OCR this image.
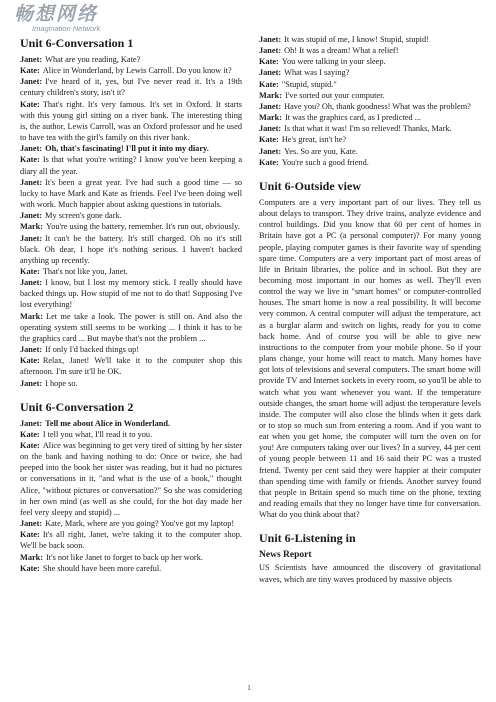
畅想网络
Imagination Network
Unit 6-Conversation 1
Janet: What are you reading, Kate?
Kate: Alice in Wonderland, by Lewis Carroll. Do you know it?
Janet: I've heard of it, yes, but I've never read it. It's a 19th century children's story, isn't it?
Kate: That's right. It's very famous. It's set in Oxford. It starts with this young girl sitting on a river bank. The interesting thing is, the author, Lewis Carroll, was an Oxford professor and he used to have tea with the girl's family on this river bank.
Janet: Oh, that's fascinating! I'll put it into my diary.
Kate: Is that what you're writing? I know you've been keeping a diary all the year.
Janet: It's been a great year. I've had such a good time — so lucky to have Mark and Kate as friends. Feel I've been doing well with work. Much happier about asking questions in tutorials.
Janet: My screen's gone dark.
Mark: You're using the battery, remember. It's run out, obviously.
Janet: It can't be the battery. It's still charged. Oh no it's still black. Oh dear, I hope it's nothing serious. I haven't backed anything up recently.
Kate: That's not like you, Janet.
Janet: I know, but I lost my memory stick. I really should have backed things up. How stupid of me not to do that! Supposing I've lost everything!
Mark: Let me take a look. The power is still on. And also the operating system still seems to be working ... I think it has to be the graphics card ... But maybe that's not the problem ...
Janet: If only I'd backed things up!
Kate: Relax, Janet! We'll take it to the computer shop this afternoon. I'm sure it'll be OK.
Janet: I hope so.
Unit 6-Conversation 2
Janet: Tell me about Alice in Wonderland.
Kate: I tell you what, I'll read it to you.
Kate: Alice was beginning to get very tired of sitting by her sister on the bank and having nothing to do: Once or twice, she had peeped into the book her sister was reading, but it had no pictures or conversations in it, "and what is the use of a book," thought Alice, "without pictures or conversation?" So she was considering in her own mind (as well as she could, for the hot day made her feel very sleepy and stupid) ...
Janet: Kate, Mark, where are you going? You've got my laptop!
Kate: It's all right, Janet, we're taking it to the computer shop. We'll be back soon.
Mark: It's not like Janet to forget to back up her work.
Kate: She should have been more careful.
Janet: It was stupid of me, I know! Stupid, stupid!
Janet: Oh! It was a dream! What a relief!
Kate: You were talking in your sleep.
Janet: What was I saying?
Kate: "Stupid, stupid."
Mark: I've sorted out your computer.
Janet: Have you? Oh, thank goodness! What was the problem?
Mark: It was the graphics card, as I predicted ...
Janet: Is that what it was! I'm so relieved! Thanks, Mark.
Kate: He's great, isn't he?
Janet: Yes. So are you, Kate.
Kate: You're such a good friend.
Unit 6-Outside view
Computers are a very important part of our lives. They tell us about delays to transport. They drive trains, analyze evidence and control buildings. Did you know that 60 per cent of homes in Britain have got a PC (a personal computer)? For many young people, playing computer games is their favorite way of spending spare time. Computers are a very important part of most areas of life in Britain libraries, the police and in school. But they are becoming most important in our homes as well. They'll even control the way we live in "smart homes" or computer-controlled houses. The smart home is now a real possibility. It will become very common. A central computer will adjust the temperature, act as a burglar alarm and switch on lights, ready for you to come back home. And of course you will be able to give new instructions to the computer from your mobile phone. So if your plans change, your home will react to match. Many homes have got lots of televisions and several computers. The smart home will provide TV and Internet sockets in every room, so you'll be able to watch what you want whenever you want. If the temperature outside changes, the smart home will adjust the temperature levels inside. The computer will also close the blinds when it gets dark or to stop so much sun from entering a room. And if you want to eat when you get home, the computer will turn the oven on for you! Are computers taking over our lives? In a survey, 44 per cent of young people between 11 and 16 said their PC was a trusted friend. Twenty per cent said they were happier at their computer than spending time with family or friends. Another survey found that people in Britain spend so much time on the phone, texting and reading emails that they no longer have time for conversation. What do you think about that?
Unit 6-Listening in
News Report
US Scientists have announced the discovery of gravitational waves, which are tiny waves produced by massive objects
1
